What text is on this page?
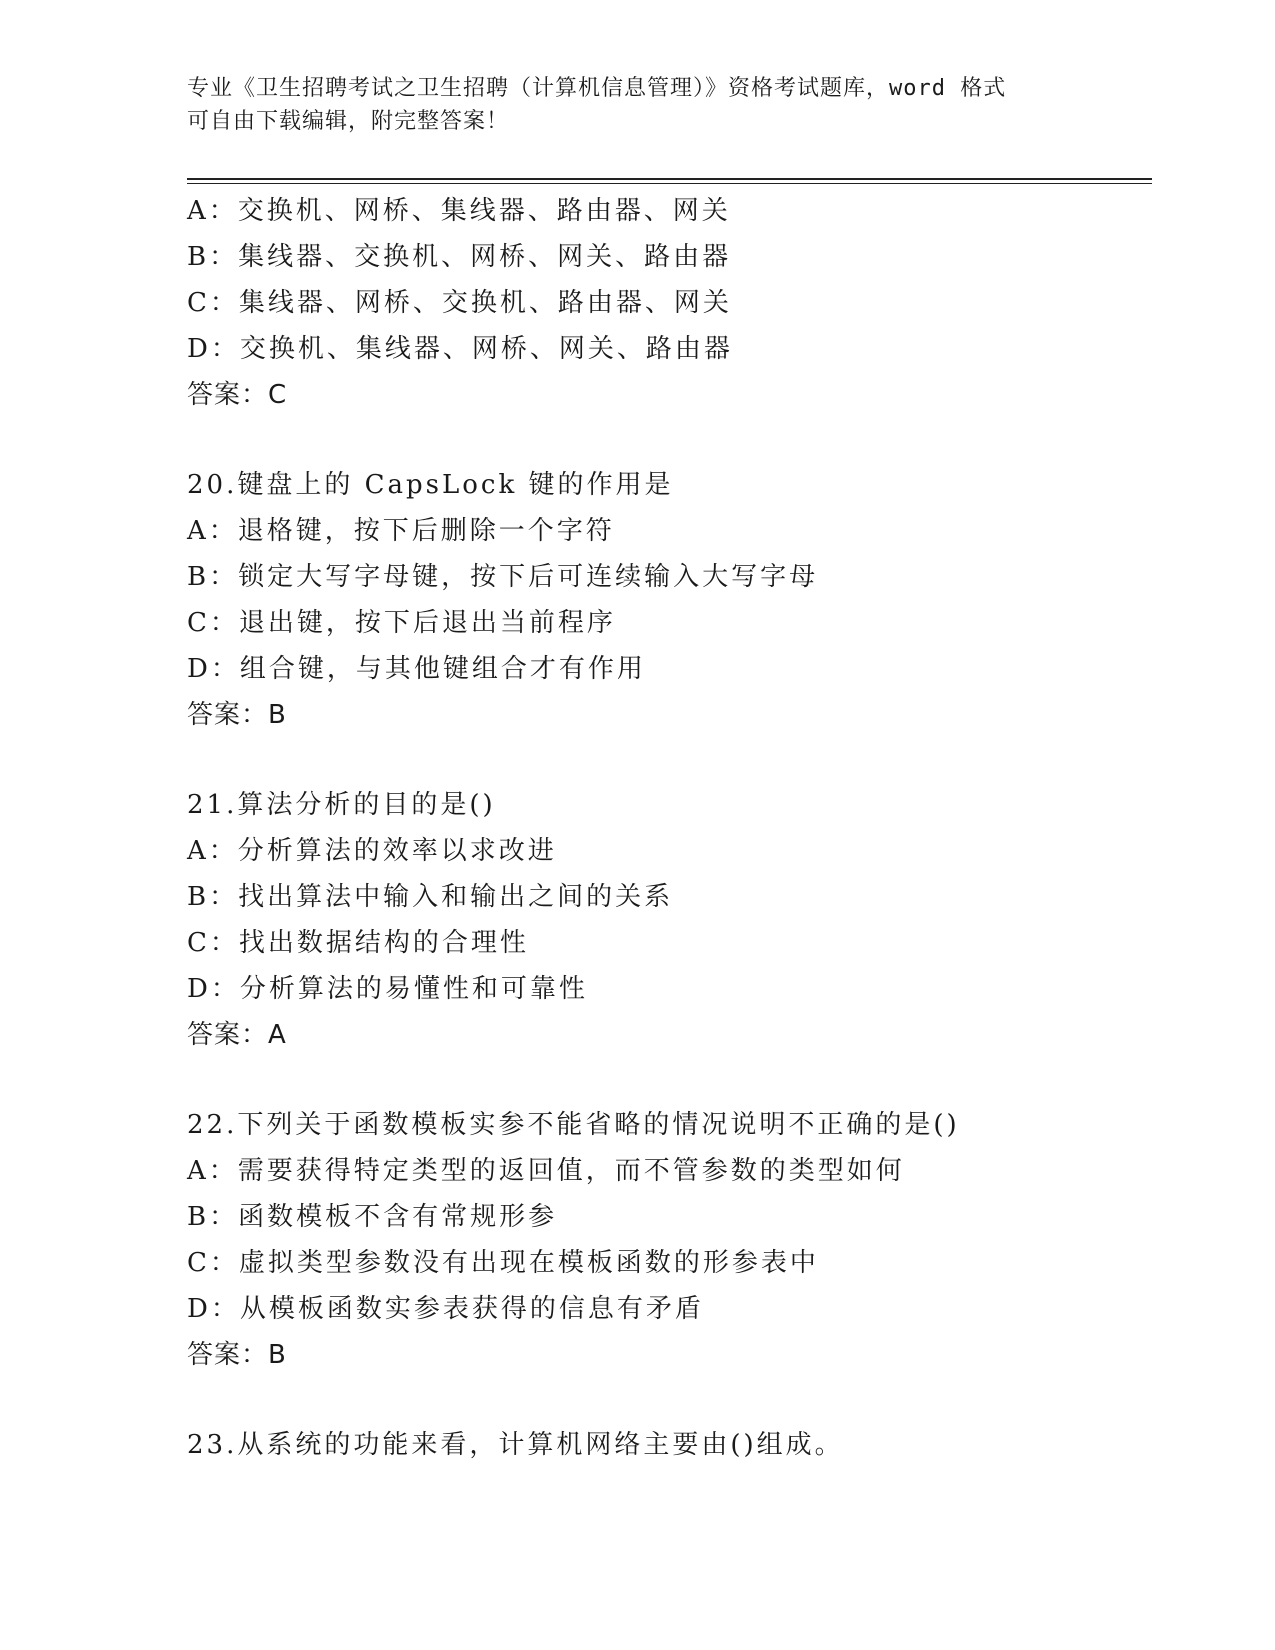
专业《卫生招聘考试之卫生招聘（计算机信息管理）》资格考试题库，word 格式
可自由下载编辑，附完整答案！
A：交换机、网桥、集线器、路由器、网关
B：集线器、交换机、网桥、网关、路由器
C：集线器、网桥、交换机、路由器、网关
D：交换机、集线器、网桥、网关、路由器
答案：C
20.键盘上的 CapsLock 键的作用是
A：退格键，按下后删除一个字符
B：锁定大写字母键，按下后可连续输入大写字母
C：退出键，按下后退出当前程序
D：组合键，与其他键组合才有作用
答案：B
21.算法分析的目的是()
A：分析算法的效率以求改进
B：找出算法中输入和输出之间的关系
C：找出数据结构的合理性
D：分析算法的易懂性和可靠性
答案：A
22.下列关于函数模板实参不能省略的情况说明不正确的是()
A：需要获得特定类型的返回值，而不管参数的类型如何
B：函数模板不含有常规形参
C：虚拟类型参数没有出现在模板函数的形参表中
D：从模板函数实参表获得的信息有矛盾
答案：B
23.从系统的功能来看，计算机网络主要由()组成。
